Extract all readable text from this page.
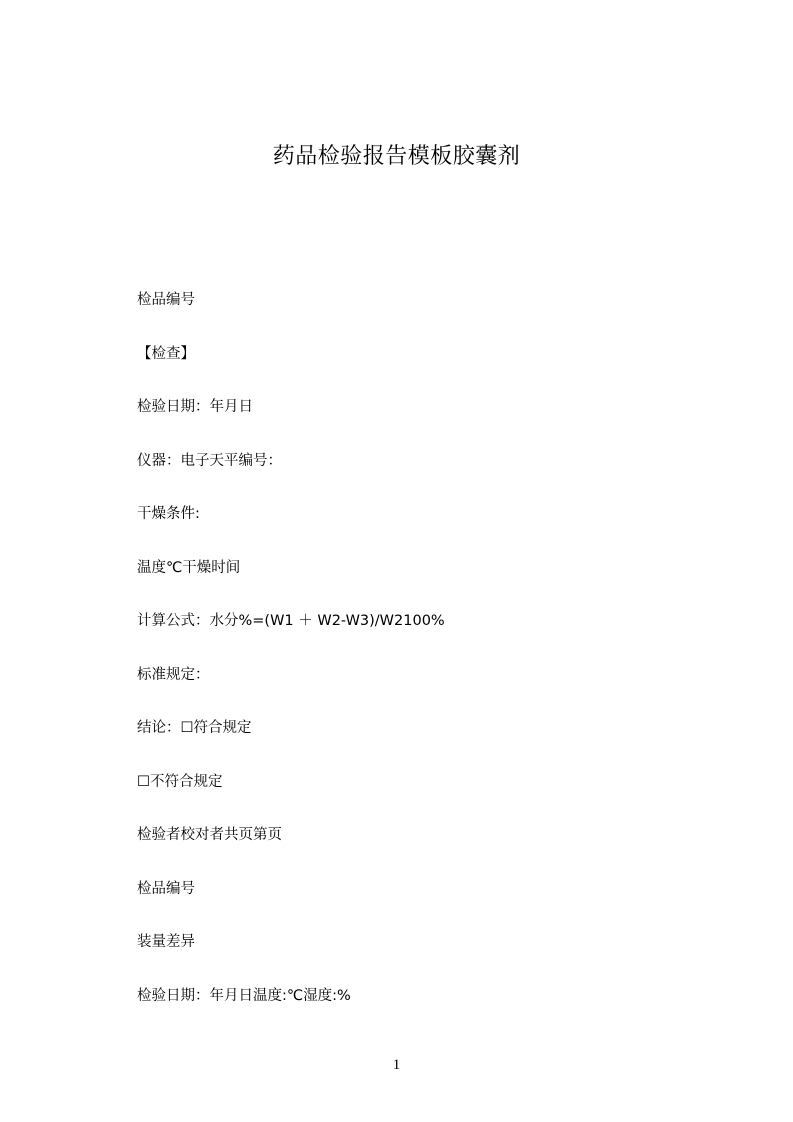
药品检验报告模板胶囊剂
检品编号
【检查】
检验日期：年月日
仪器：电子天平编号：
干燥条件:
温度℃干燥时间
计算公式：水分%=(W1 ＋ W2-W3)/W2100%
标准规定：
结论：☐符合规定
☐不符合规定
检验者校对者共页第页
检品编号
装量差异
检验日期：年月日温度:℃湿度:%
1
